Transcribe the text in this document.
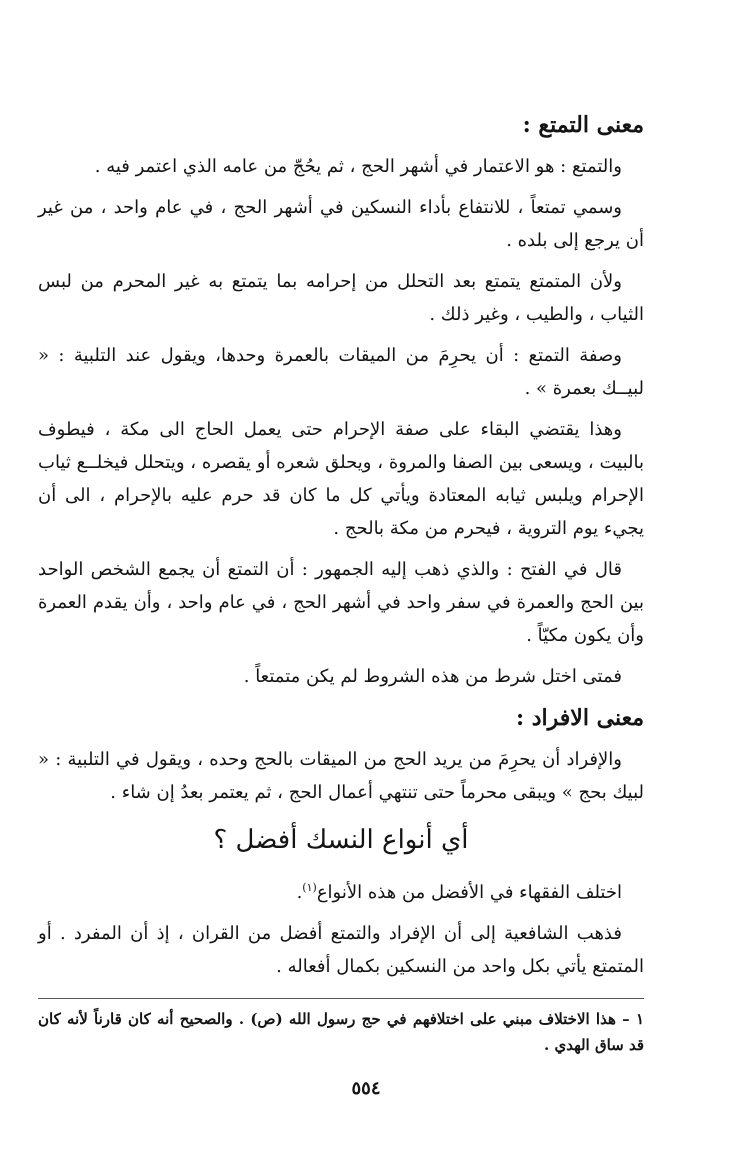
معنى التمتع :

والتمتع : هو الاعتمار في أشهر الحج ، ثم يحُجّ من عامه الذي اعتمر فيه .

وسمي تمتعاً ، للانتفاع بأداء النسكين في أشهر الحج ، في عام واحد ، من غير أن يرجع إلى بلده .

ولأن المتمتع يتمتع بعد التحلل من إحرامه بما يتمتع به غير المحرم من لبس الثياب ، والطيب ، وغير ذلك .

وصفة التمتع : أن يحرِمَ من الميقات بالعمرة وحدها، ويقول عند التلبية : « لبيــك بعمرة » .

وهذا يقتضي البقاء على صفة الإحرام حتى يعمل الحاج الى مكة ، فيطوف بالبيت ، ويسعى بين الصفا والمروة ، ويحلق شعره أو يقصره ، ويتحلل فيخلــع ثياب الإحرام ويلبس ثيابه المعتادة ويأتي كل ما كان قد حرم عليه بالإحرام ، الى أن يجيء يوم التروية ، فيحرم من مكة بالحج .

قال في الفتح : والذي ذهب إليه الجمهور : أن التمتع أن يجمع الشخص الواحد بين الحج والعمرة في سفر واحد في أشهر الحج ، في عام واحد ، وأن يقدم العمرة وأن يكون مكيّاً .

فمتى اختل شرط من هذه الشروط لم يكن متمتعاً .

معنى الافراد :

والإفراد أن يحرِمَ من يريد الحج من الميقات بالحج وحده ، ويقول في التلبية : « لبيك بحج » ويبقى محرماً حتى تنتهي أعمال الحج ، ثم يعتمر بعدُ إن شاء .

أي أنواع النسك أفضل ؟

اختلف الفقهاء في الأفضل من هذه الأنواع$^{(١)}$.

فذهب الشافعية إلى أن الإفراد والتمتع أفضل من القران ، إذ أن المفرد . أو المتمتع يأتي بكل واحد من النسكين بكمال أفعاله .

١ – هذا الاختلاف مبني على اختلافهم في حج رسول الله (ص) . والصحيح أنه كان قارناً لأنه كان قد ساق الهدي .
٥٥٤
